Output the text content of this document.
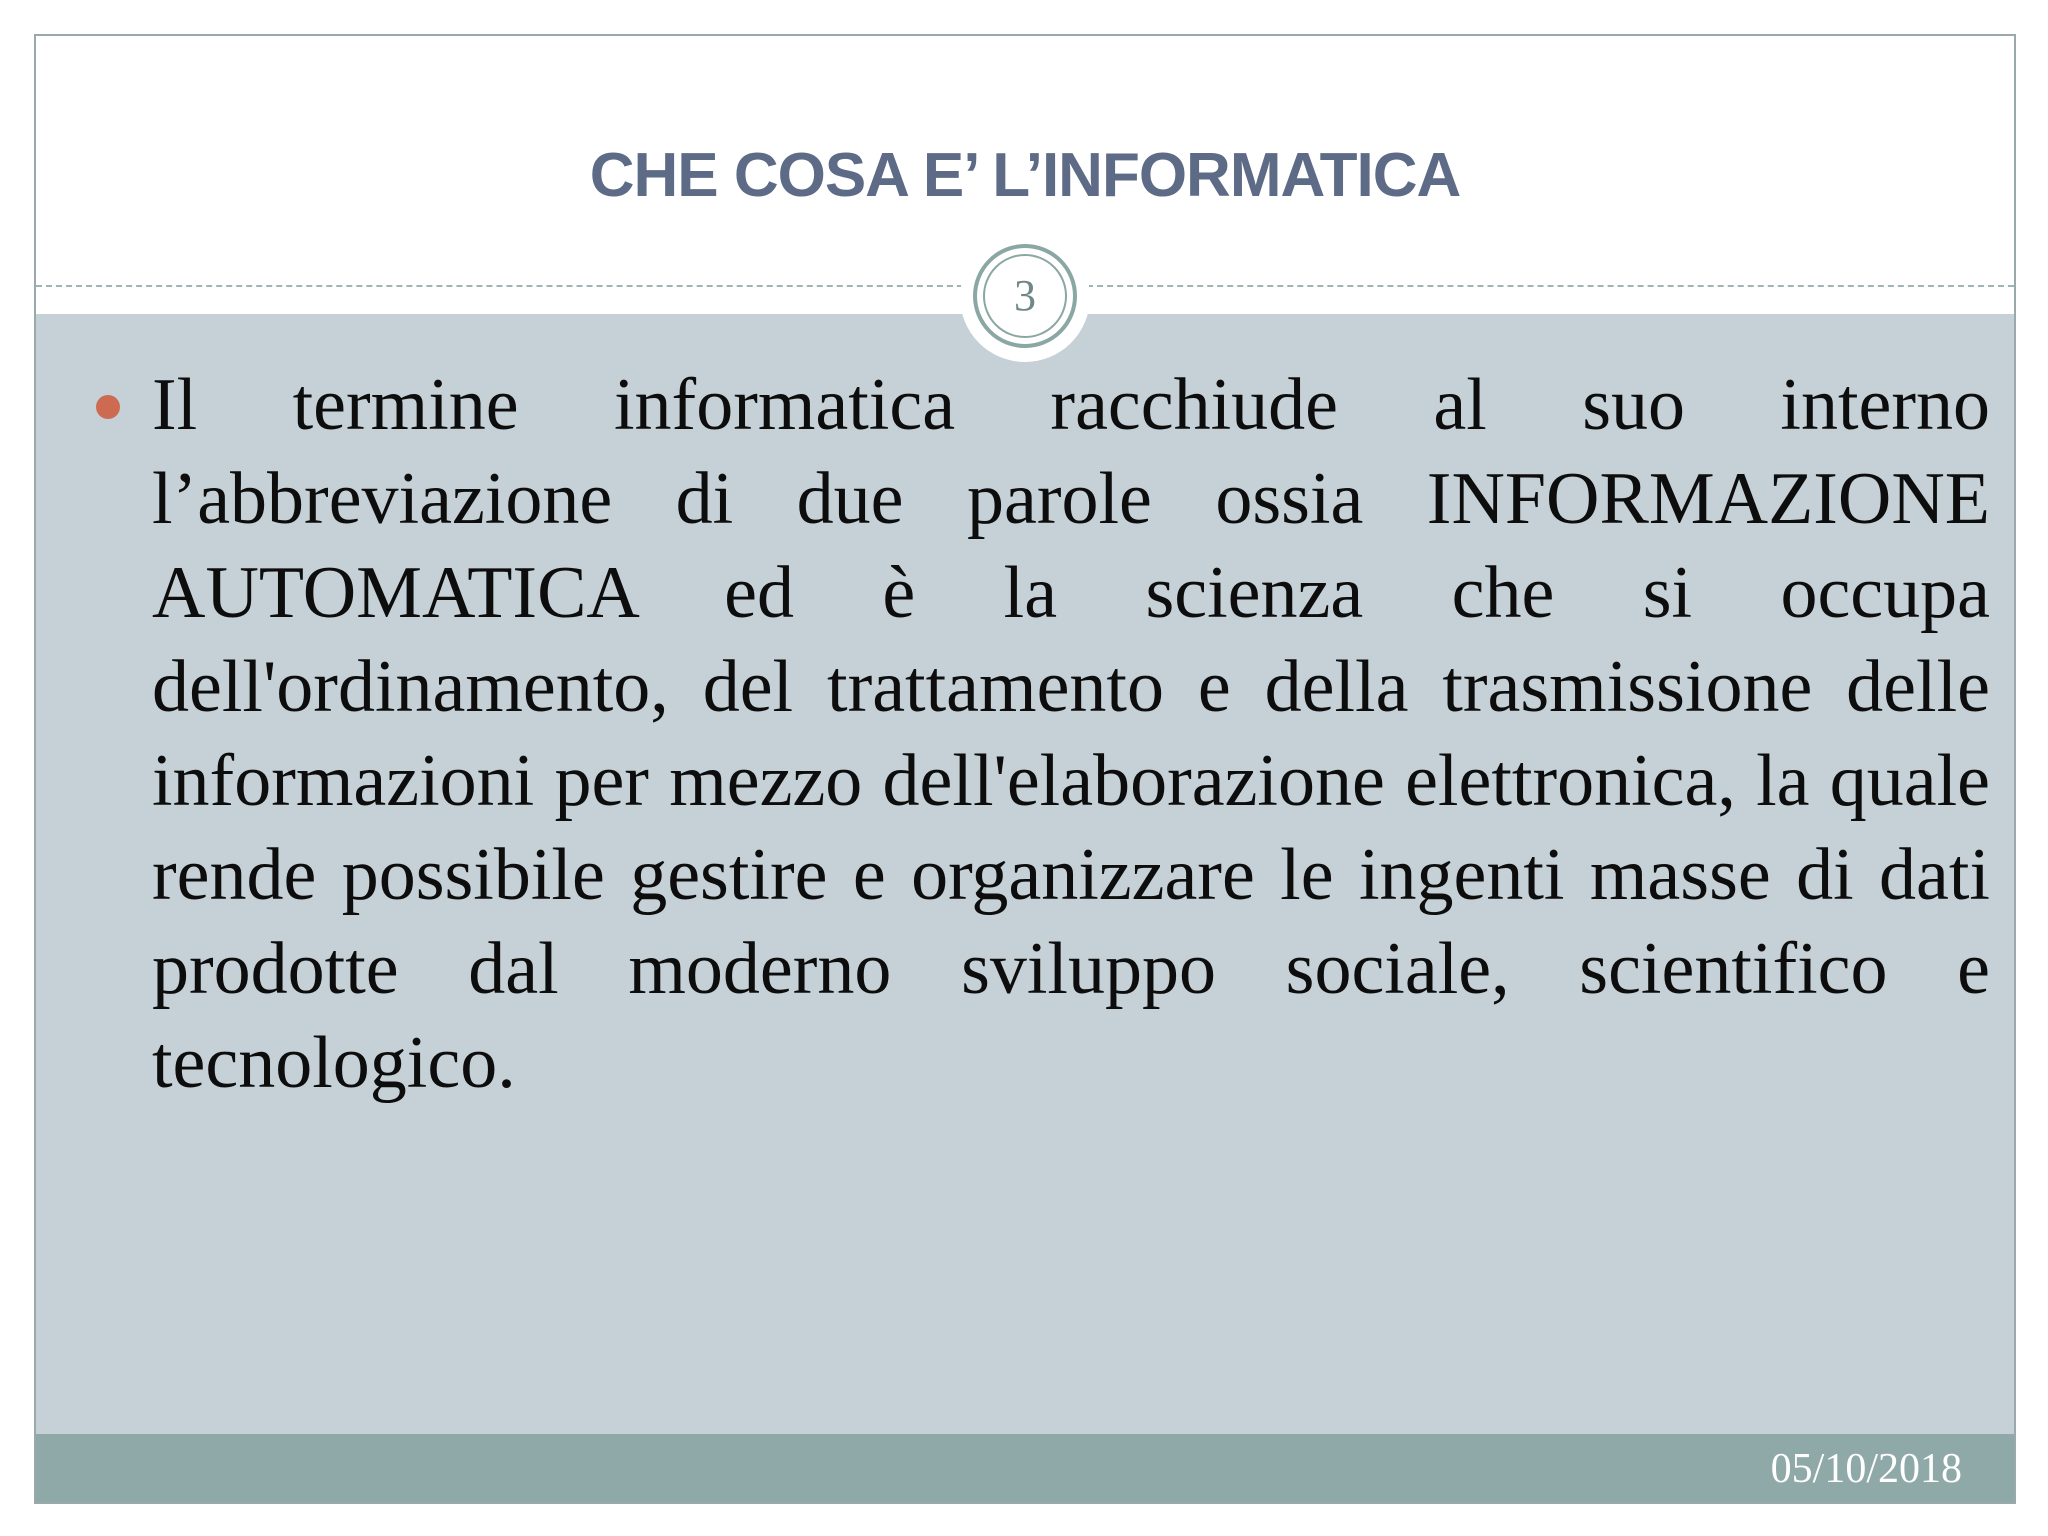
CHE COSA E’ L’INFORMATICA
3

Il termine informatica racchiude al suo interno l’abbreviazione di due parole ossia INFORMAZIONE AUTOMATICA ed è la scienza che si occupa dell'ordinamento, del trattamento e della trasmissione delle informazioni per mezzo dell'elaborazione elettronica, la quale rende possibile gestire e organizzare le ingenti masse di dati prodotte dal moderno sviluppo sociale, scientifico e tecnologico.

05/10/2018
